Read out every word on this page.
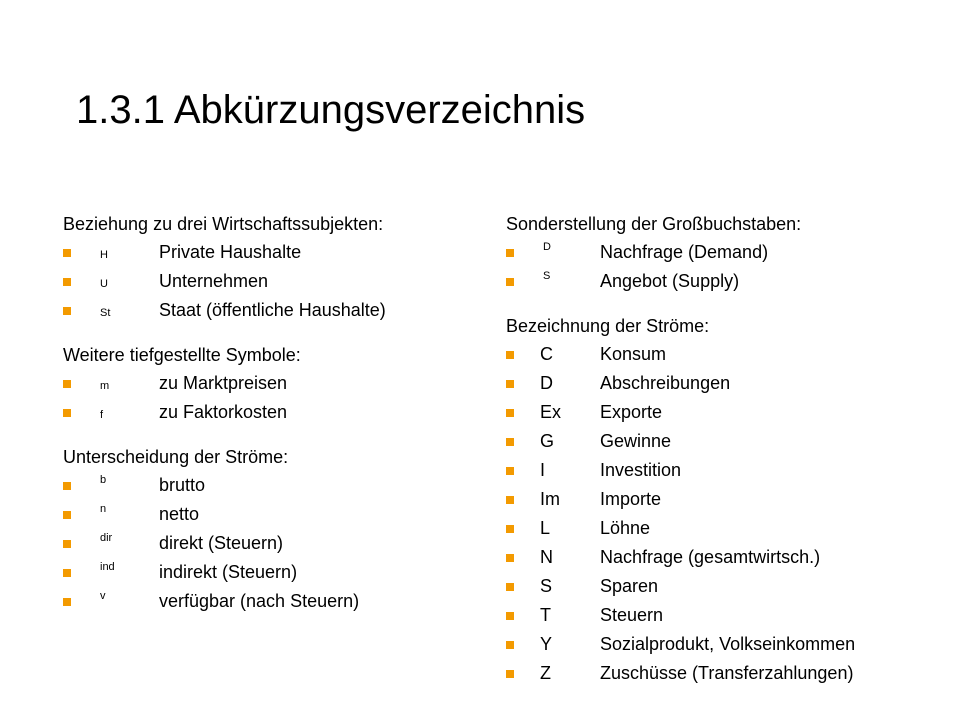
1.3.1 Abkürzungsverzeichnis
Beziehung zu drei Wirtschaftssubjekten:
H	Private Haushalte
U	Unternehmen
St	Staat (öffentliche Haushalte)
Weitere tiefgestellte Symbole:
m	zu Marktpreisen
f	zu Faktorkosten
Unterscheidung der Ströme:
b	brutto
n	netto
dir	direkt (Steuern)
ind indirekt (Steuern)
v	verfügbar (nach Steuern)
Sonderstellung der Großbuchstaben:
D	Nachfrage (Demand)
S	Angebot (Supply)
Bezeichnung der Ströme:
C	Konsum
D	Abschreibungen
Ex Exporte
G	Gewinne
I	Investition
Im Importe
L	Löhne
N	Nachfrage (gesamtwirtsch.)
S	Sparen
T	Steuern
Y	Sozialprodukt, Volkseinkommen
Z	Zuschüsse (Transferzahlungen)
